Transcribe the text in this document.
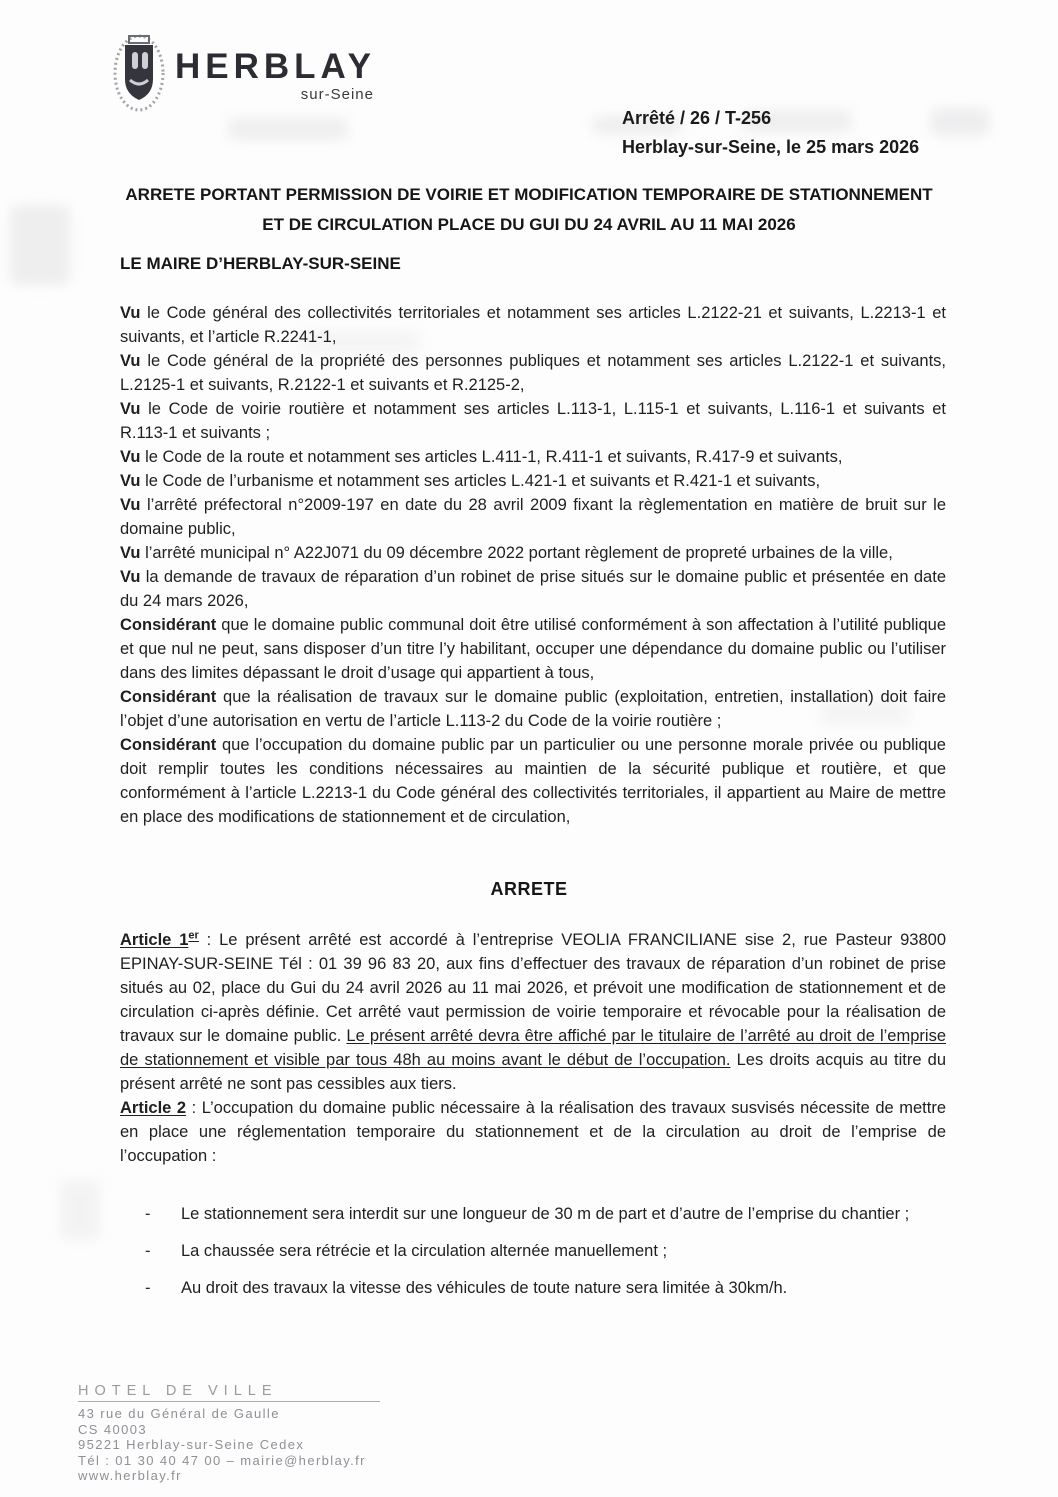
HERBLAY
sur-Seine
Arrêté / 26 / T-256
Herblay-sur-Seine, le 25 mars 2026
ARRETE PORTANT PERMISSION DE VOIRIE ET MODIFICATION TEMPORAIRE DE STATIONNEMENT
ET DE CIRCULATION PLACE DU GUI DU 24 AVRIL AU 11 MAI 2026
LE MAIRE D’HERBLAY-SUR-SEINE

Vu le Code général des collectivités territoriales et notamment ses articles L.2122-21 et suivants, L.2213-1 et suivants, et l’article R.2241-1,

Vu le Code général de la propriété des personnes publiques et notamment ses articles L.2122-1 et suivants, L.2125-1 et suivants, R.2122-1 et suivants et R.2125-2,

Vu le Code de voirie routière et notamment ses articles L.113-1, L.115-1 et suivants, L.116-1 et suivants et R.113-1 et suivants ;

Vu le Code de la route et notamment ses articles L.411-1, R.411-1 et suivants, R.417-9 et suivants,

Vu le Code de l’urbanisme et notamment ses articles L.421-1 et suivants et R.421-1 et suivants,

Vu l’arrêté préfectoral n°2009-197 en date du 28 avril 2009 fixant la règlementation en matière de bruit sur le domaine public,

Vu l’arrêté municipal n° A22J071 du 09 décembre 2022 portant règlement de propreté urbaines de la ville,

Vu la demande de travaux de réparation d’un robinet de prise situés sur le domaine public et présentée en date du 24 mars 2026,

Considérant que le domaine public communal doit être utilisé conformément à son affectation à l’utilité publique et que nul ne peut, sans disposer d’un titre l’y habilitant, occuper une dépendance du domaine public ou l’utiliser dans des limites dépassant le droit d’usage qui appartient à tous,

Considérant que la réalisation de travaux sur le domaine public (exploitation, entretien, installation) doit faire l’objet d’une autorisation en vertu de l’article L.113-2 du Code de la voirie routière ;

Considérant que l’occupation du domaine public par un particulier ou une personne morale privée ou publique doit remplir toutes les conditions nécessaires au maintien de la sécurité publique et routière, et que conformément à l’article L.2213-1 du Code général des collectivités territoriales, il appartient au Maire de mettre en place des modifications de stationnement et de circulation,

ARRETE

Article 1er : Le présent arrêté est accordé à l’entreprise VEOLIA FRANCILIANE sise 2, rue Pasteur 93800 EPINAY-SUR-SEINE Tél : 01 39 96 83 20, aux fins d’effectuer des travaux de réparation d’un robinet de prise situés au 02, place du Gui du 24 avril 2026 au 11 mai 2026, et prévoit une modification de stationnement et de circulation ci-après définie. Cet arrêté vaut permission de voirie temporaire et révocable pour la réalisation de travaux sur le domaine public. Le présent arrêté devra être affiché par le titulaire de l’arrêté au droit de l’emprise de stationnement et visible par tous 48h au moins avant le début de l’occupation. Les droits acquis au titre du présent arrêté ne sont pas cessibles aux tiers.

Article 2 : L’occupation du domaine public nécessaire à la réalisation des travaux susvisés nécessite de mettre en place une réglementation temporaire du stationnement et de la circulation au droit de l’emprise de l’occupation :

-	Le stationnement sera interdit sur une longueur de 30 m de part et d’autre de l’emprise du chantier ;
-	La chaussée sera rétrécie et la circulation alternée manuellement ;
-	Au droit des travaux la vitesse des véhicules de toute nature sera limitée à 30km/h.
HOTEL DE VILLE
43 rue du Général de Gaulle
CS 40003
95221 Herblay-sur-Seine Cedex
Tél : 01 30 40 47 00 – mairie@herblay.fr
www.herblay.fr
